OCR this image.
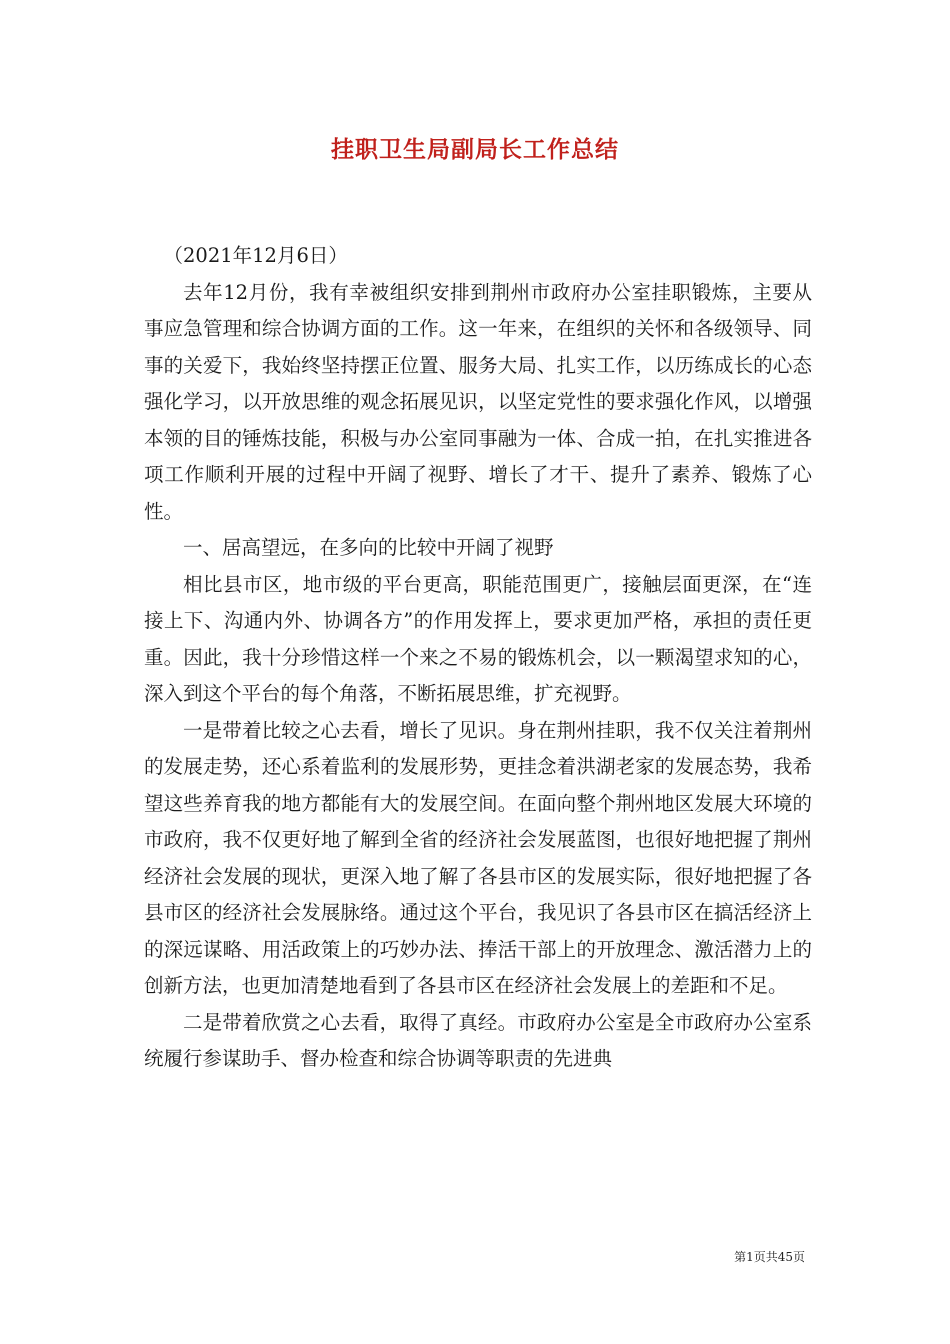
挂职卫生局副局长工作总结

（2021年12月6日）

去年12月份，我有幸被组织安排到荆州市政府办公室挂职锻炼，主要从事应急管理和综合协调方面的工作。这一年来，在组织的关怀和各级领导、同事的关爱下，我始终坚持摆正位置、服务大局、扎实工作，以历练成长的心态强化学习，以开放思维的观念拓展见识，以坚定党性的要求强化作风，以增强本领的目的锤炼技能，积极与办公室同事融为一体、合成一拍，在扎实推进各项工作顺利开展的过程中开阔了视野、增长了才干、提升了素养、锻炼了心性。

一、居高望远，在多向的比较中开阔了视野

相比县市区，地市级的平台更高，职能范围更广，接触层面更深，在“连接上下、沟通内外、协调各方”的作用发挥上，要求更加严格，承担的责任更重。因此，我十分珍惜这样一个来之不易的锻炼机会，以一颗渴望求知的心，深入到这个平台的每个角落，不断拓展思维，扩充视野。

一是带着比较之心去看，增长了见识。身在荆州挂职，我不仅关注着荆州的发展走势，还心系着监利的发展形势，更挂念着洪湖老家的发展态势，我希望这些养育我的地方都能有大的发展空间。在面向整个荆州地区发展大环境的市政府，我不仅更好地了解到全省的经济社会发展蓝图，也很好地把握了荆州经济社会发展的现状，更深入地了解了各县市区的发展实际，很好地把握了各县市区的经济社会发展脉络。通过这个平台，我见识了各县市区在搞活经济上的深远谋略、用活政策上的巧妙办法、捧活干部上的开放理念、激活潜力上的创新方法，也更加清楚地看到了各县市区在经济社会发展上的差距和不足。

二是带着欣赏之心去看，取得了真经。市政府办公室是全市政府办公室系统履行参谋助手、督办检查和综合协调等职责的先进典

第1页共45页
